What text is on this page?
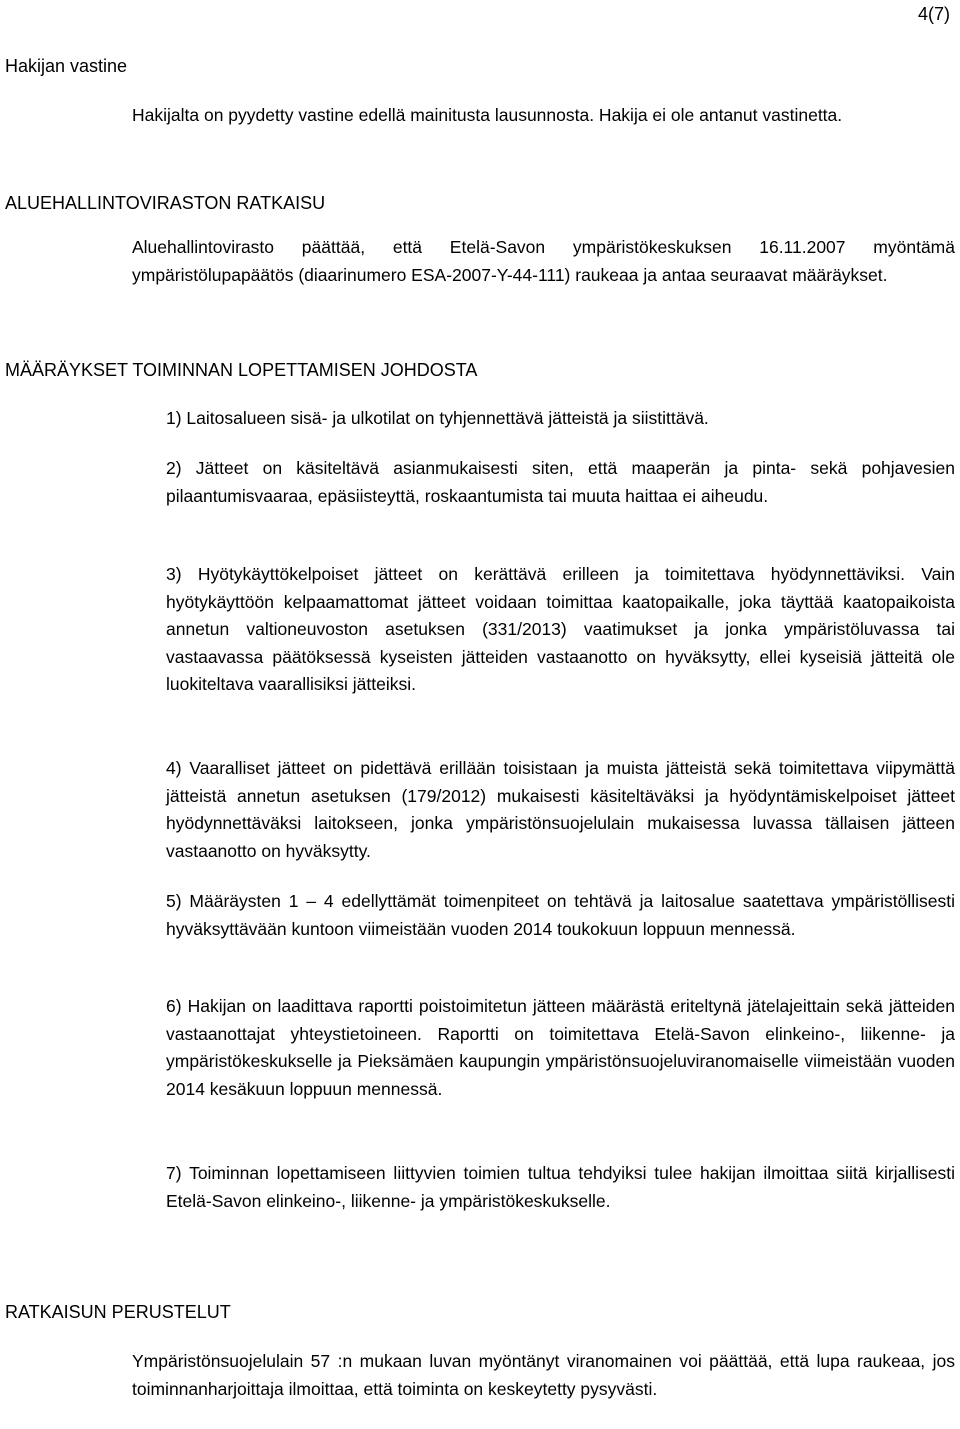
4(7)
Hakijan vastine

Hakijalta on pyydetty vastine edellä mainitusta lausunnosta. Hakija ei ole antanut vastinetta.

ALUEHALLINTOVIRASTON RATKAISU

Aluehallintovirasto päättää, että Etelä-Savon ympäristökeskuksen 16.11.2007 myöntämä ympäristölupapäätös (diaarinumero ESA-2007-Y-44-111) raukeaa ja antaa seuraavat määräykset.

MÄÄRÄYKSET TOIMINNAN LOPETTAMISEN JOHDOSTA

1) Laitosalueen sisä- ja ulkotilat on tyhjennettävä jätteistä ja siistittävä.

2) Jätteet on käsiteltävä asianmukaisesti siten, että maaperän ja pinta- sekä pohjavesien pilaantumisvaaraa, epäsiisteyttä, roskaantumista tai muuta haittaa ei aiheudu.

3) Hyötykäyttökelpoiset jätteet on kerättävä erilleen ja toimitettava hyödynnettäviksi. Vain hyötykäyttöön kelpaamattomat jätteet voidaan toimittaa kaatopaikalle, joka täyttää kaatopaikoista annetun valtioneuvoston asetuksen (331/2013) vaatimukset ja jonka ympäristöluvassa tai vastaavassa päätöksessä kyseisten jätteiden vastaanotto on hyväksytty, ellei kyseisiä jätteitä ole luokiteltava vaarallisiksi jätteiksi.

4) Vaaralliset jätteet on pidettävä erillään toisistaan ja muista jätteistä sekä toimitettava viipymättä jätteistä annetun asetuksen (179/2012) mukaisesti käsiteltäväksi ja hyödyntämiskelpoiset jätteet hyödynnettäväksi laitokseen, jonka ympäristönsuojelulain mukaisessa luvassa tällaisen jätteen vastaanotto on hyväksytty.

5) Määräysten 1 – 4 edellyttämät toimenpiteet on tehtävä ja laitosalue saatettava ympäristöllisesti hyväksyttävään kuntoon viimeistään vuoden 2014 toukokuun loppuun mennessä.

6) Hakijan on laadittava raportti poistoimitetun jätteen määrästä eriteltynä jätelajeittain sekä jätteiden vastaanottajat yhteystietoineen. Raportti on toimitettava Etelä-Savon elinkeino-, liikenne- ja ympäristökeskukselle ja Pieksämäen kaupungin ympäristönsuojeluviranomaiselle viimeistään vuoden 2014 kesäkuun loppuun mennessä.

7) Toiminnan lopettamiseen liittyvien toimien tultua tehdyiksi tulee hakijan ilmoittaa siitä kirjallisesti Etelä-Savon elinkeino-, liikenne- ja ympäristökeskukselle.

RATKAISUN PERUSTELUT

Ympäristönsuojelulain 57 :n mukaan luvan myöntänyt viranomainen voi päättää, että lupa raukeaa, jos toiminnanharjoittaja ilmoittaa, että toiminta on keskeytetty pysyvästi.
